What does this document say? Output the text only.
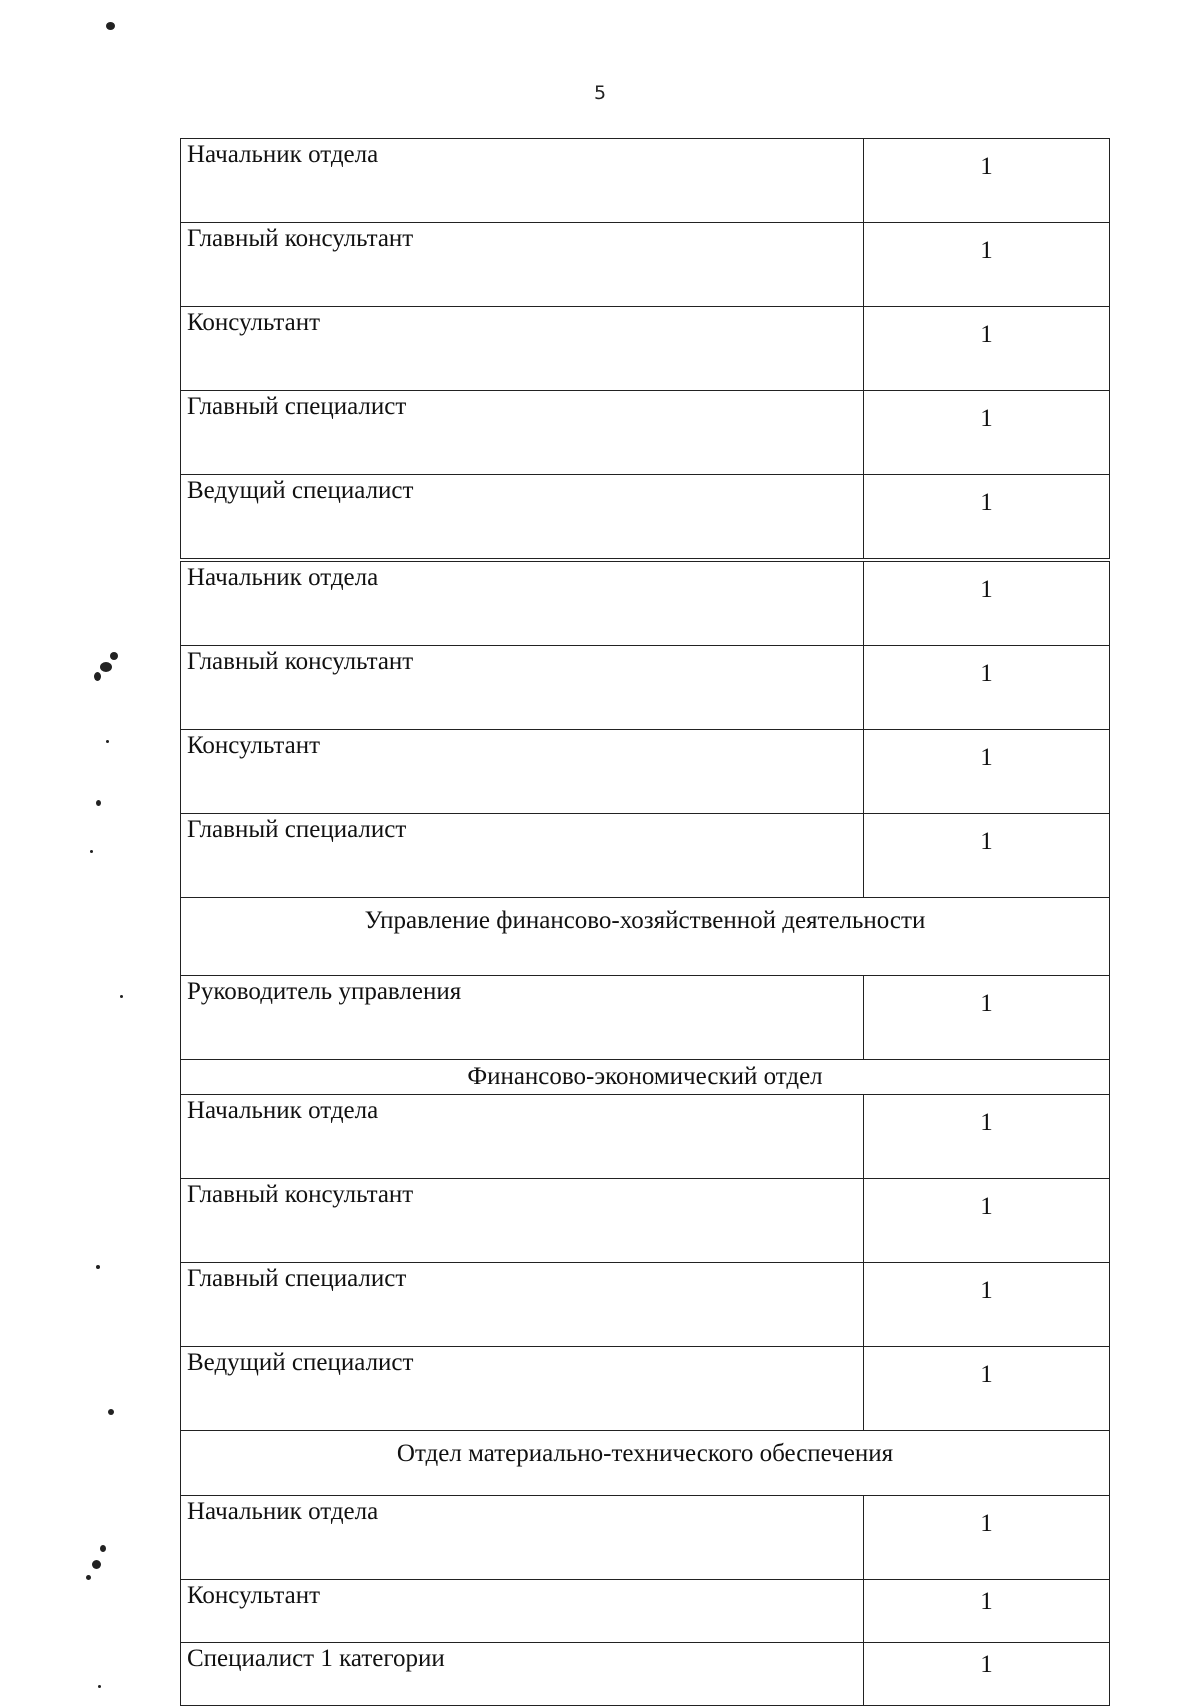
5
Начальник отдела	1
Главный консультант	1
Консультант	1
Главный специалист	1
Ведущий специалист	1
Начальник отдела	1
Главный консультант	1
Консультант	1
Главный специалист	1
Управление финансово-хозяйственной деятельности	
Руководитель управления	1
Финансово-экономический отдел	
Начальник отдела	1
Главный консультант	1
Главный специалист	1
Ведущий специалист	1
Отдел материально-технического обеспечения	
Начальник отдела	1
Консультант	1
Специалист 1 категории	1
